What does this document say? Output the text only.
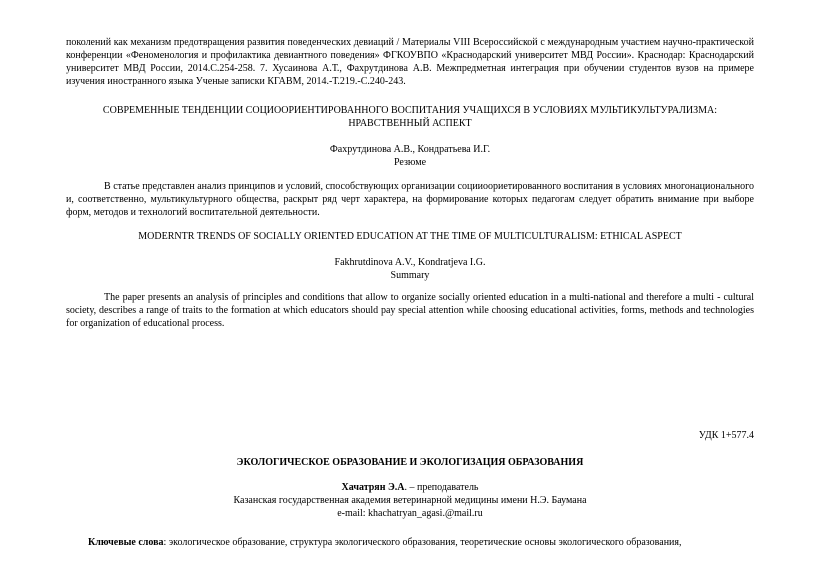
поколений как механизм предотвращения развития поведенческих девиаций / Материалы VIII Всероссийской с международным участием научно-практической конференции «Феноменология и профилактика девиантного поведения» ФГКОУВПО «Краснодарский университет МВД России». Краснодар: Краснодарский университет МВД России, 2014.С.254-258. 7. Хусаинова А.Т., Фахрутдинова А.В. Межпредметная интеграция при обучении студентов вузов на примере изучения иностранного языка Ученые записки КГАВМ, 2014.-Т.219.-С.240-243.

СОВРЕМЕННЫЕ ТЕНДЕНЦИИ СОЦИООРИЕНТИРОВАННОГО ВОСПИТАНИЯ УЧАЩИХСЯ В УСЛОВИЯХ МУЛЬТИКУЛЬТУРАЛИЗМА:
НРАВСТВЕННЫЙ АСПЕКТ

Фахрутдинова А.В., Кондратьева И.Г.
Резюме

В статье представлен анализ принципов и условий, способствующих организации социиоориетированного воспитания в условиях многонационального и, соответственно, мультикультурного общества, раскрыт ряд черт характера, на формирование которых педагогам следует обратить внимание при выборе форм, методов и технологий воспитательной деятельности.

MODERNTR TRENDS OF SOCIALLY ORIENTED EDUCATION AT THE TIME OF MULTICULTURALISM: ETHICAL ASPECT

Fakhrutdinova A.V., Kondratjeva I.G.
Summary

The paper presents an analysis of principles and conditions that allow to organize socially oriented education in a multi-national and therefore a multi - cultural society, describes a range of traits to the formation at which educators should pay special attention while choosing educational activities, forms, methods and technologies for organization of educational process.

УДК 1+577.4

ЭКОЛОГИЧЕСКОЕ ОБРАЗОВАНИЕ И ЭКОЛОГИЗАЦИЯ ОБРАЗОВАНИЯ

Хачатрян Э.А. – преподаватель
Казанская государственная академия ветеринарной медицины имени Н.Э. Баумана
e-mail: khachatryan_agasi.@mail.ru

Ключевые слова: экологическое образование, структура экологического образования, теоретические основы экологического образования,
